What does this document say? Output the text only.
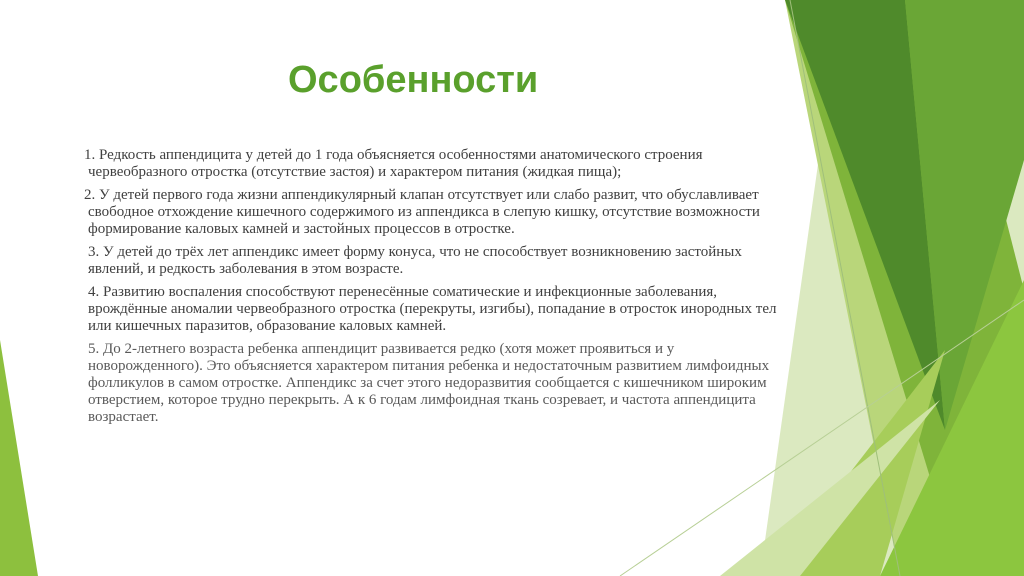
Особенности

1. Редкость аппендицита у детей до 1 года объясняется особенностями анатомического строения червеобразного отростка (отсутствие застоя) и характером питания (жидкая пища);

2. У детей первого года жизни аппендикулярный клапан отсутствует или слабо развит, что обуславливает свободное отхождение кишечного содержимого из аппендикса в слепую кишку, отсутствие возможности формирование каловых камней и застойных процессов в отростке.

3. У детей до трёх лет аппендикс имеет форму конуса, что не способствует возникновению застойных явлений, и редкость заболевания в этом возрасте.

4. Развитию воспаления способствуют перенесённые соматические и инфекционные заболевания, врождённые аномалии червеобразного отростка (перекруты, изгибы), попадание в отросток инородных тел или кишечных паразитов, образование каловых камней.

5. До 2-летнего возраста ребенка аппендицит развивается редко (хотя может проявиться и у новорожденного). Это объясняется характером питания ребенка и недостаточным развитием лимфоидных фолликулов в самом отростке. Аппендикс за счет этого недоразвития сообщается с кишечником широким отверстием, которое трудно перекрыть. А к 6 годам лимфоидная ткань созревает, и частота аппендицита возрастает.
